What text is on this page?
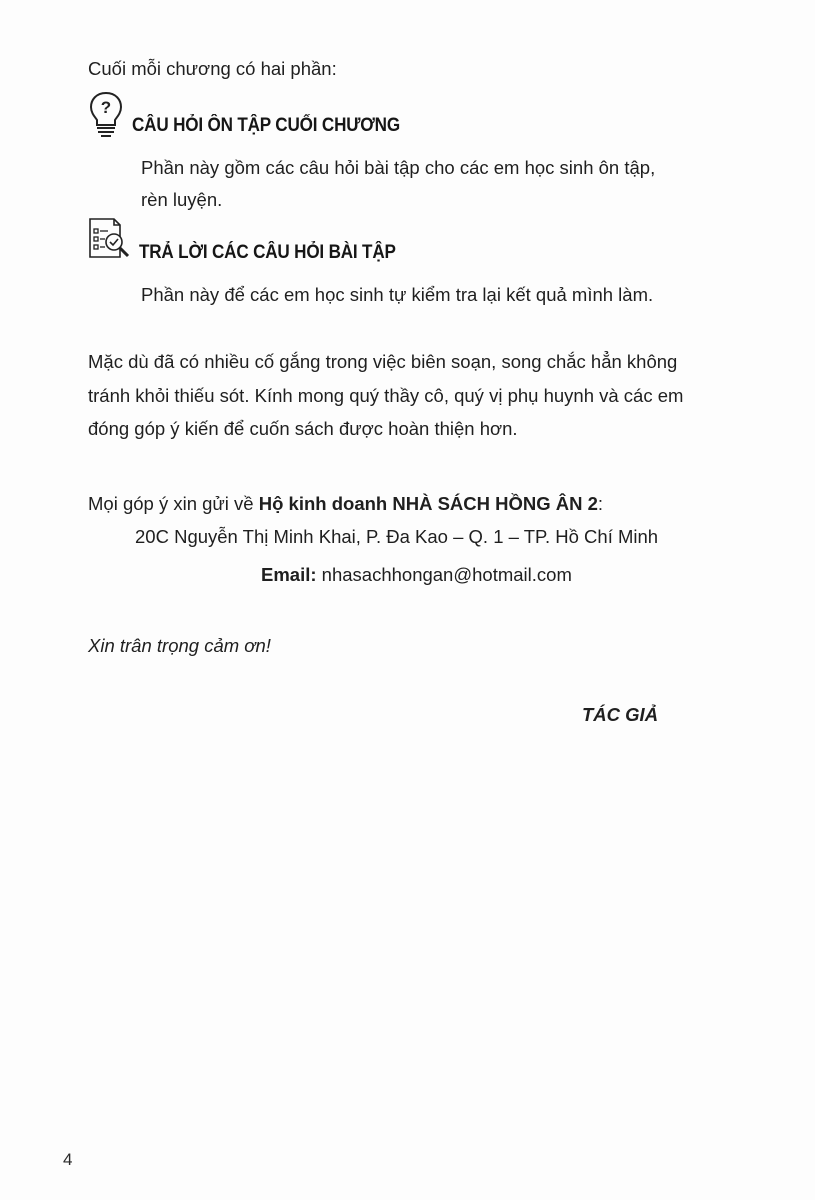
Cuối mỗi chương có hai phần:
?
CÂU HỎI ÔN TẬP CUỐI CHƯƠNG
Phần này gồm các câu hỏi bài tập cho các em học sinh ôn tập,
rèn luyện.
TRẢ LỜI CÁC CÂU HỎI BÀI TẬP
Phần này để các em học sinh tự kiểm tra lại kết quả mình làm.
Mặc dù đã có nhiều cố gắng trong việc biên soạn, song chắc hẳn không
tránh khỏi thiếu sót. Kính mong quý thầy cô, quý vị phụ huynh và các em
đóng góp ý kiến để cuốn sách được hoàn thiện hơn.
Mọi góp ý xin gửi về Hộ kinh doanh NHÀ SÁCH HỒNG ÂN 2:
20C Nguyễn Thị Minh Khai, P. Đa Kao – Q. 1 – TP. Hồ Chí Minh
Email: nhasachhongan@hotmail.com
Xin trân trọng cảm ơn!
TÁC GIẢ
4
